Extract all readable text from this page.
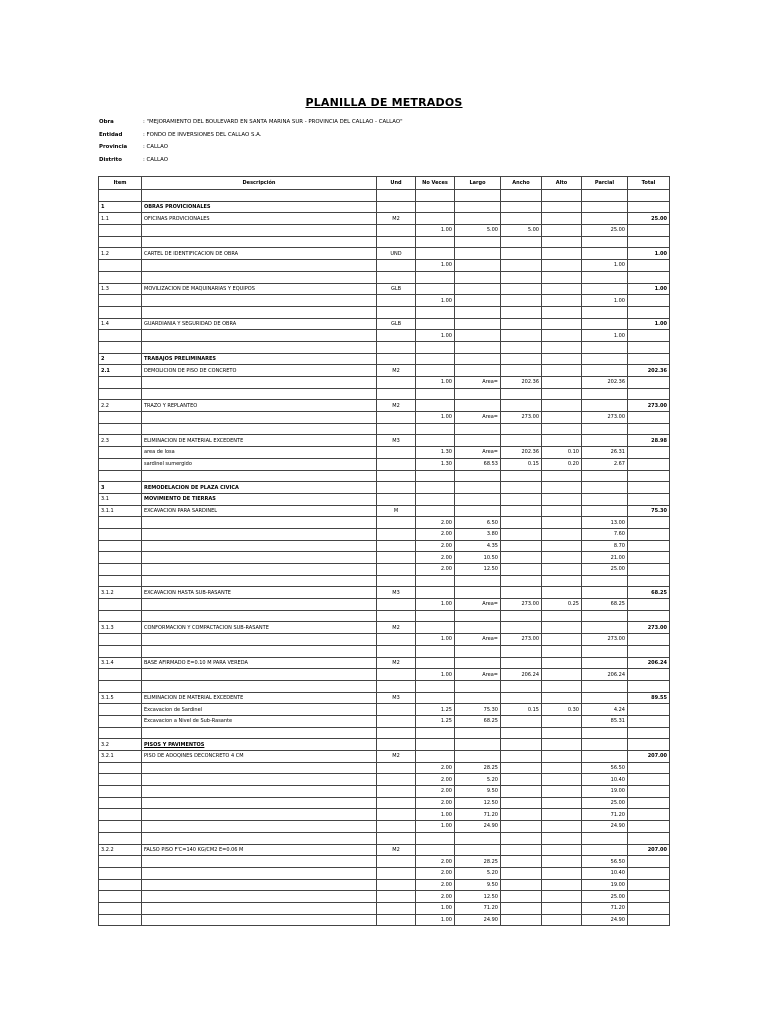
PLANILLA DE METRADOS
Obra	: "MEJORAMIENTO DEL BOULEVARD EN SANTA MARINA SUR - PROVINCIA DEL CALLAO - CALLAO"
Entidad	: FONDO DE INVERSIONES DEL CALLAO S.A.
Provincia	: CALLAO
Distrito	: CALLAO
Item	Descripción	Und	No Veces	Largo	Ancho	Alto	Parcial	Total

1	OBRAS PROVICIONALES							
1.1	OFICINAS PROVICIONALES	M2						25.00
			1.00	5.00	5.00		25.00	

1.2	CARTEL DE IDENTIFICACION DE OBRA	UND						1.00
			1.00				1.00	

1.3	MOVILIZACION DE MAQUINARIAS Y EQUIPOS	GLB						1.00
			1.00				1.00	

1.4	GUARDIANIA Y SEGURIDAD DE OBRA	GLB						1.00
			1.00				1.00	

2	TRABAJOS PRELIMINARES							
2.1	DEMOLICION DE PISO DE CONCRETO	M2						202.36
			1.00	Area=	202.36		202.36	

2.2	TRAZO Y REPLANTEO	M2						273.00
			1.00	Area=	273.00		273.00	

2.3	ELIMINACION DE MATERIAL EXCEDENTE	M3						28.98
	area de losa		1.30	Area=	202.36	0.10	26.31	
	sardinel sumergido		1.30	68.53	0.15	0.20	2.67	

3	REMODELACION DE PLAZA CIVICA							
3.1	MOVIMIENTO DE TIERRAS							
3.1.1	EXCAVACION PARA SARDINEL	M						75.30
			2.00	6.50			13.00	
			2.00	3.80			7.60	
			2.00	4.35			8.70	
			2.00	10.50			21.00	
			2.00	12.50			25.00	

3.1.2	EXCAVACION HASTA SUB-RASANTE	M3						68.25
			1.00	Area=	273.00	0.25	68.25	

3.1.3	CONFORMACION Y COMPACTACION SUB-RASANTE	M2						273.00
			1.00	Area=	273.00		273.00	

3.1.4	BASE AFIRMADO E=0.10 M PARA VEREDA	M2						206.24
			1.00	Area=	206.24		206.24	

3.1.5	ELIMINACION DE MATERIAL EXCEDENTE	M3						89.55
	Excavacion de Sardinel		1.25	75.30	0.15	0.30	4.24	
	Excavacion a Nivel de Sub-Rasante		1.25	68.25			85.31	

3.2	PISOS Y PAVIMENTOS							
3.2.1	PISO DE ADOQINES DECONCRETO 4 CM	M2						207.00
			2.00	28.25			56.50	
			2.00	5.20			10.40	
			2.00	9.50			19.00	
			2.00	12.50			25.00	
			1.00	71.20			71.20	
			1.00	24.90			24.90	

3.2.2	FALSO PISO F'C=140 KG/CM2 E=0.06 M	M2						207.00
			2.00	28.25			56.50	
			2.00	5.20			10.40	
			2.00	9.50			19.00	
			2.00	12.50			25.00	
			1.00	71.20			71.20	
			1.00	24.90			24.90	
